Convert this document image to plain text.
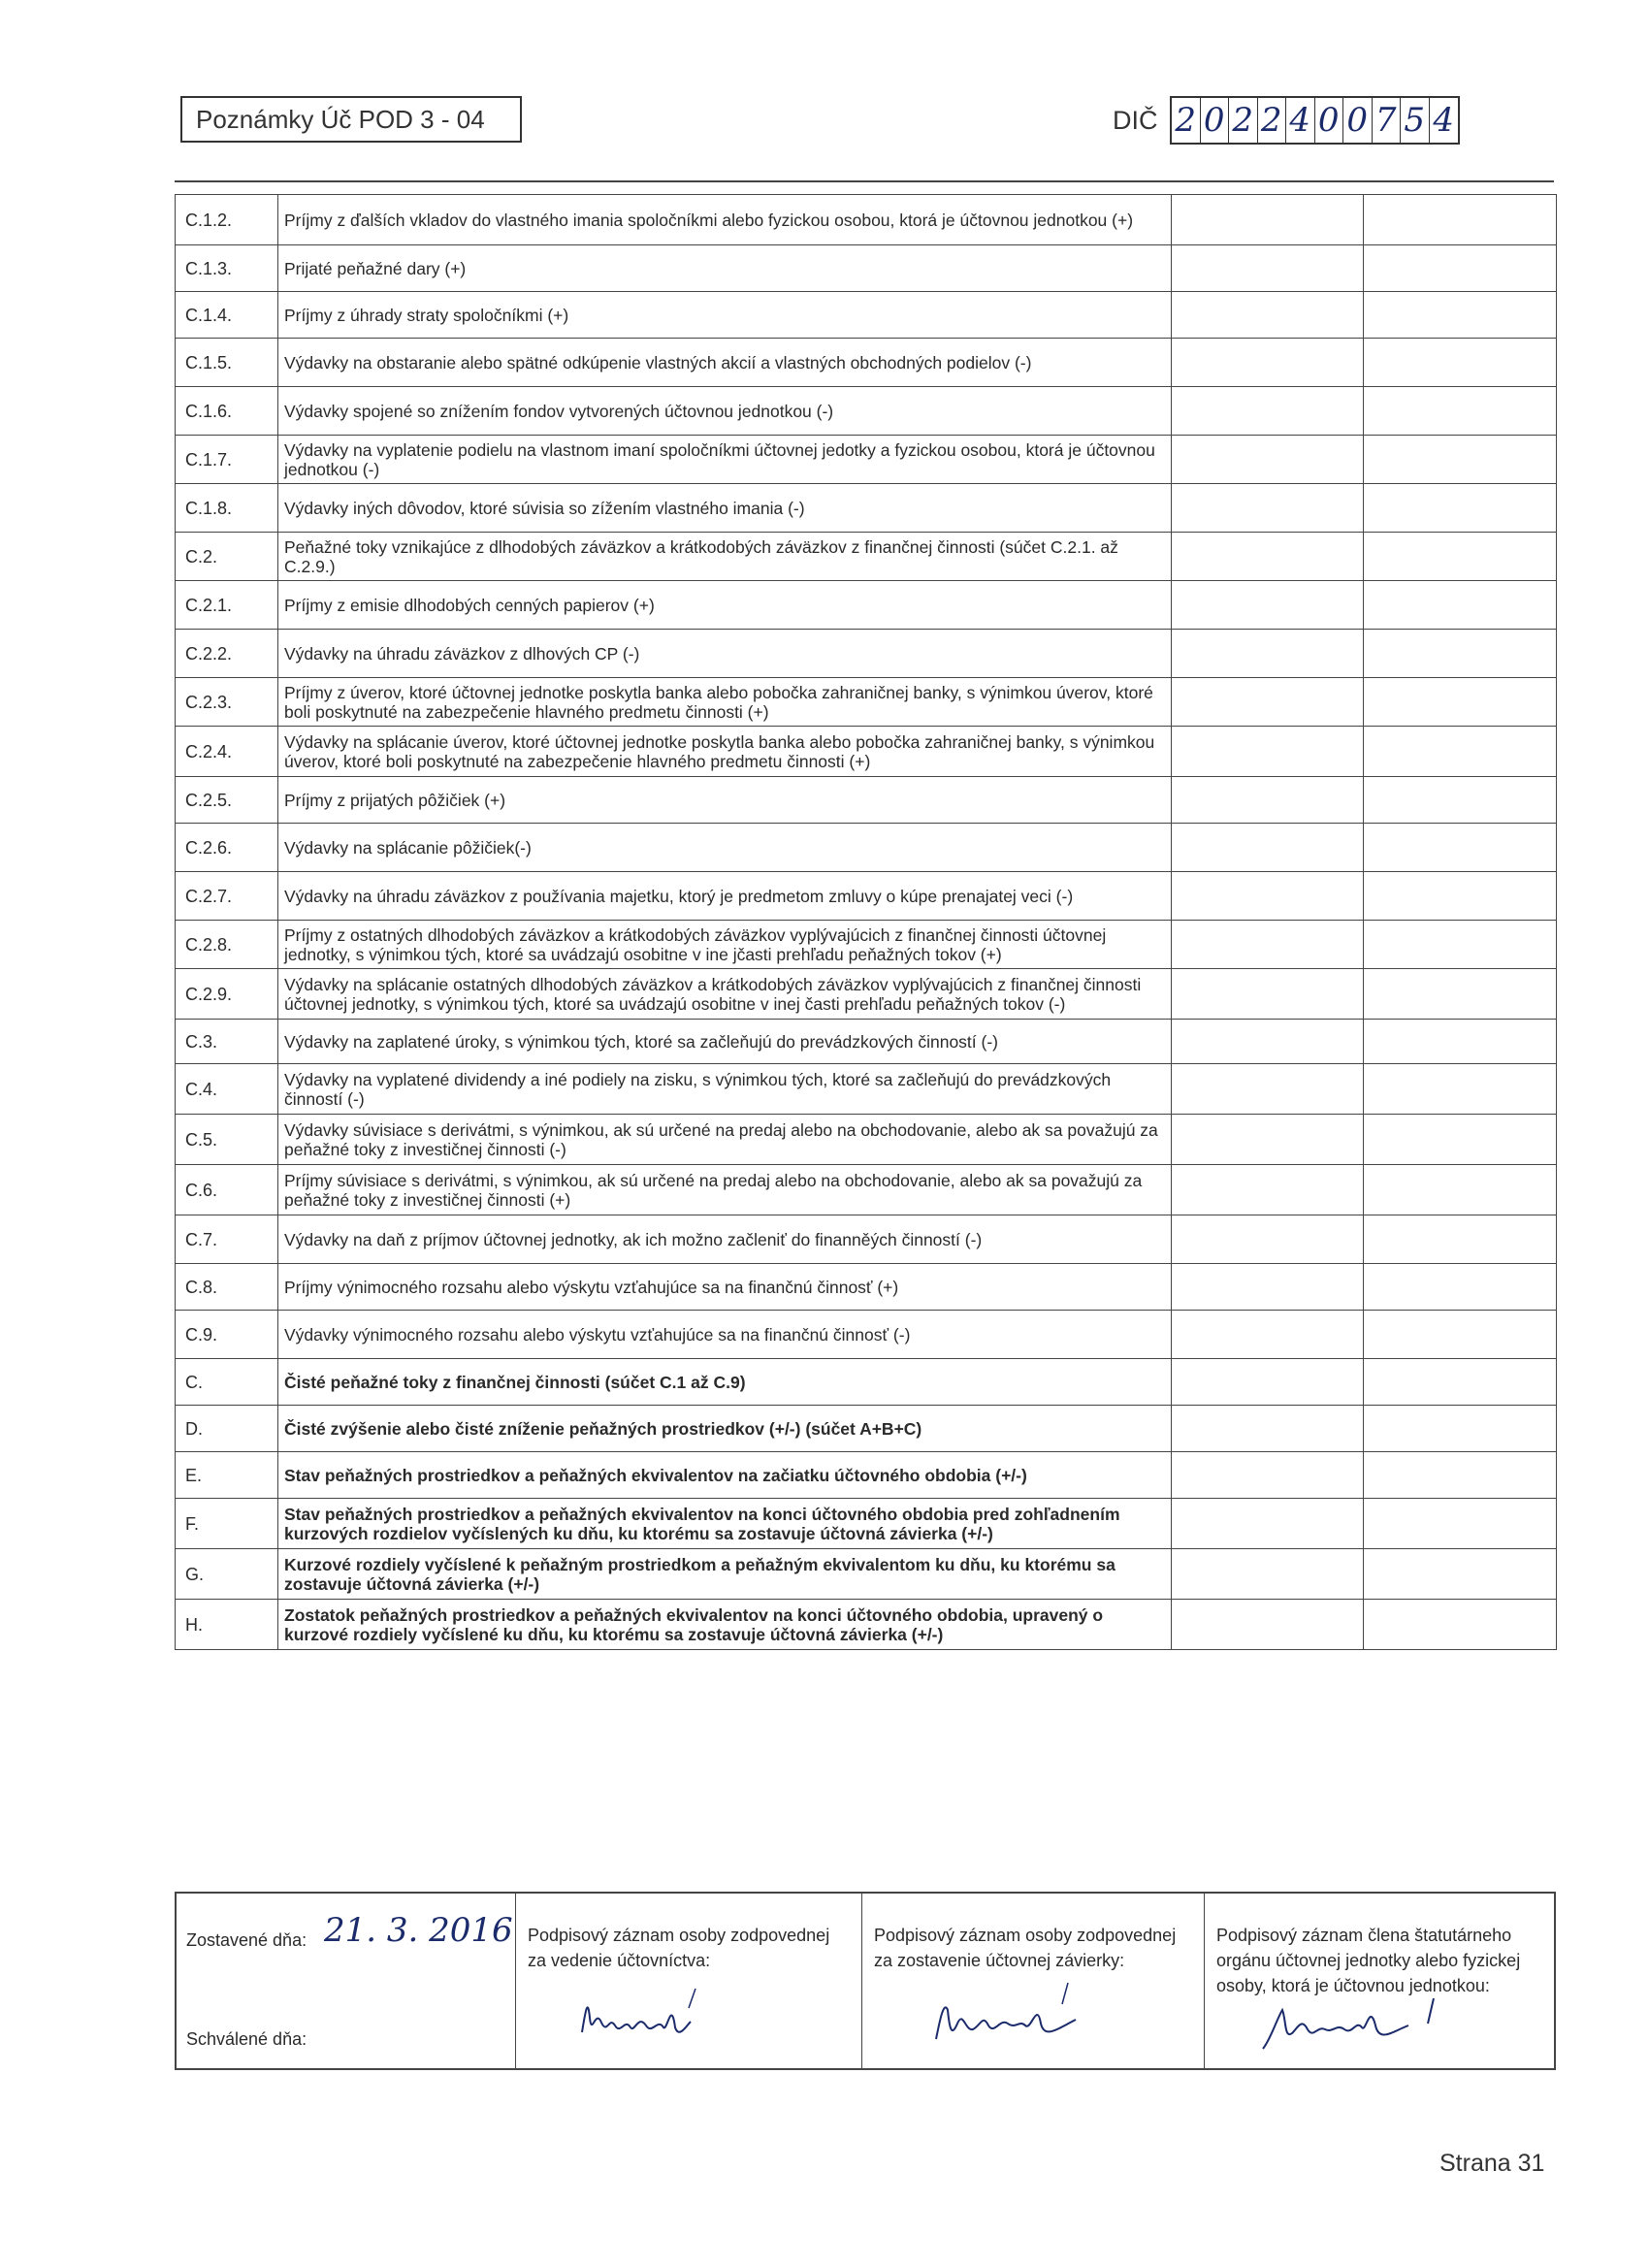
Poznámky Úč POD 3 - 04	DIČ 2 0 2 2 4 0 0 7 5 4
C.1.2.	Príjmy z ďalších vkladov do vlastného imania spoločníkmi alebo fyzickou osobou, ktorá je účtovnou jednotkou (+)		
C.1.3.	Prijaté peňažné dary (+)		
C.1.4.	Príjmy z úhrady straty spoločníkmi (+)		
C.1.5.	Výdavky na obstaranie alebo spätné odkúpenie vlastných akcií a vlastných obchodných podielov (-)		
C.1.6.	Výdavky spojené so znížením fondov vytvorených účtovnou jednotkou (-)		
C.1.7.	Výdavky na vyplatenie podielu na vlastnom imaní spoločníkmi účtovnej jedotky a fyzickou osobou, ktorá je účtovnou jednotkou (-)		
C.1.8.	Výdavky iných dôvodov, ktoré súvisia so zížením vlastného imania (-)		
C.2.	Peňažné toky vznikajúce z dlhodobých záväzkov a krátkodobých záväzkov z finančnej činnosti (súčet C.2.1. až C.2.9.)		
C.2.1.	Príjmy z emisie dlhodobých cenných papierov (+)		
C.2.2.	Výdavky na úhradu záväzkov z dlhových CP (-)		
C.2.3.	Príjmy z úverov, ktoré účtovnej jednotke poskytla banka alebo pobočka zahraničnej banky, s výnimkou úverov, ktoré boli poskytnuté na zabezpečenie hlavného predmetu činnosti (+)		
C.2.4.	Výdavky na splácanie úverov, ktoré účtovnej jednotke poskytla banka alebo pobočka zahraničnej banky, s výnimkou úverov, ktoré boli poskytnuté na zabezpečenie hlavného predmetu činnosti (+)		
C.2.5.	Príjmy z prijatých pôžičiek (+)		
C.2.6.	Výdavky na splácanie pôžičiek(-)		
C.2.7.	Výdavky na úhradu záväzkov z používania majetku, ktorý je predmetom zmluvy o kúpe prenajatej veci (-)		
C.2.8.	Príjmy z ostatných dlhodobých záväzkov a krátkodobých záväzkov vyplývajúcich z finančnej činnosti účtovnej jednotky, s výnimkou tých, ktoré sa uvádzajú osobitne v ine jčasti prehľadu peňažných tokov (+)		
C.2.9.	Výdavky na splácanie ostatných dlhodobých záväzkov a krátkodobých záväzkov vyplývajúcich z finančnej činnosti účtovnej jednotky, s výnimkou tých, ktoré sa uvádzajú osobitne v inej časti prehľadu peňažných tokov (-)		
C.3.	Výdavky na zaplatené úroky, s výnimkou tých, ktoré sa začleňujú do prevádzkových činností (-)		
C.4.	Výdavky na vyplatené dividendy a iné podiely na zisku, s výnimkou tých, ktoré sa začleňujú do prevádzkových činností (-)		
C.5.	Výdavky súvisiace s derivátmi, s výnimkou, ak sú určené na predaj alebo na obchodovanie, alebo ak sa považujú za peňažné toky z investičnej činnosti (-)		
C.6.	Príjmy súvisiace s derivátmi, s výnimkou, ak sú určené na predaj alebo na obchodovanie, alebo ak sa považujú za peňažné toky z investičnej činnosti (+)		
C.7.	Výdavky na daň z príjmov účtovnej jednotky, ak ich možno začleniť do finanněých činností (-)		
C.8.	Príjmy výnimocného rozsahu alebo výskytu vzťahujúce sa na finančnú činnosť (+)		
C.9.	Výdavky výnimocného rozsahu alebo výskytu vzťahujúce sa na finančnú činnosť (-)		
C.	Čisté peňažné toky z finančnej činnosti (súčet C.1 až C.9)		
D.	Čisté zvýšenie alebo čisté zníženie peňažných prostriedkov (+/-) (súčet A+B+C)		
E.	Stav peňažných prostriedkov a peňažných ekvivalentov na začiatku účtovného obdobia (+/-)		
F.	Stav peňažných prostriedkov a peňažných ekvivalentov na konci účtovného obdobia pred zohľadnením kurzových rozdielov vyčíslených ku dňu, ku ktorému sa zostavuje účtovná závierka (+/-)		
G.	Kurzové rozdiely vyčíslené k peňažným prostriedkom a peňažným ekvivalentom ku dňu, ku ktorému sa zostavuje účtovná závierka (+/-)		
H.	Zostatok peňažných prostriedkov a peňažných ekvivalentov na konci účtovného obdobia, upravený o kurzové rozdiely vyčíslené ku dňu, ku ktorému sa zostavuje účtovná závierka (+/-)		
Zostavené dňa: 21. 3. 2016
Schválené dňa:
Podpisový záznam osoby zodpovednej za vedenie účtovníctva:
Podpisový záznam osoby zodpovednej za zostavenie účtovnej závierky:
Podpisový záznam člena štatutárneho orgánu účtovnej jednotky alebo fyzickej osoby, ktorá je účtovnou jednotkou:
Strana 31
